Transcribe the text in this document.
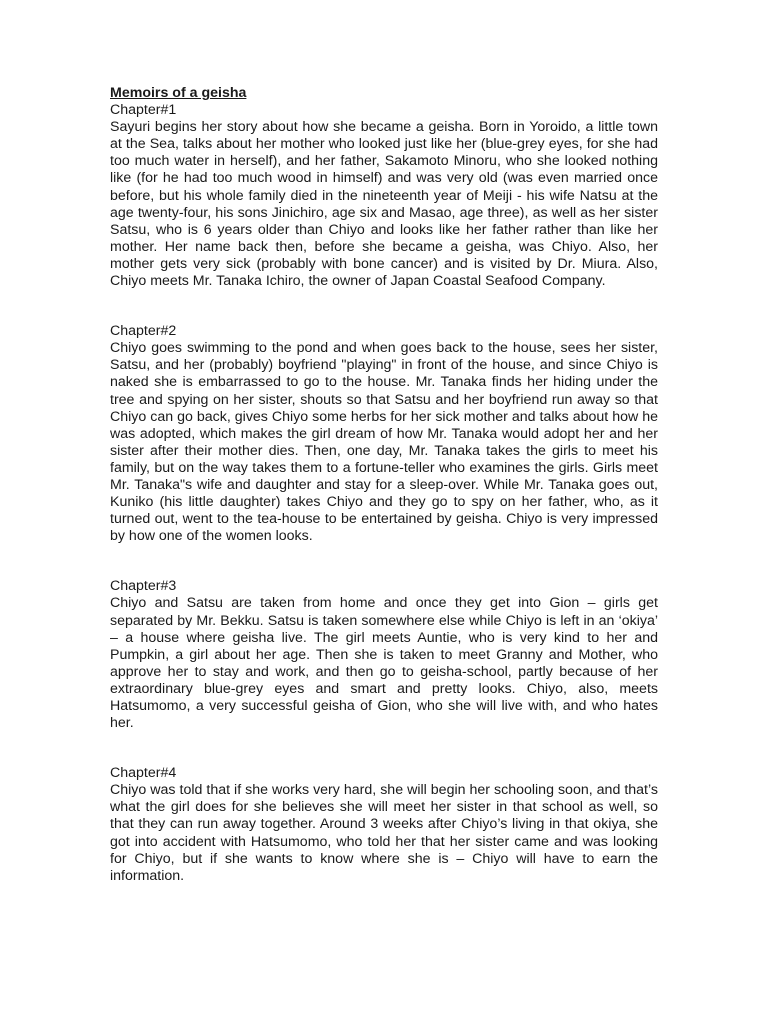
Memoirs of a geisha

Chapter#1

Sayuri begins her story about how she became a geisha. Born in Yoroido, a little town at the Sea, talks about her mother who looked just like her (blue-grey eyes, for she had too much water in herself), and her father, Sakamoto Minoru, who she looked nothing like (for he had too much wood in himself) and was very old (was even married once before, but his whole family died in the nineteenth year of Meiji - his wife Natsu at the age twenty-four, his sons Jinichiro, age six and Masao, age three), as well as her sister Satsu, who is 6 years older than Chiyo and looks like her father rather than like her mother. Her name back then, before she became a geisha, was Chiyo. Also, her mother gets very sick (probably with bone cancer) and is visited by Dr. Miura. Also, Chiyo meets Mr. Tanaka Ichiro, the owner of Japan Coastal Seafood Company.

Chapter#2

Chiyo goes swimming to the pond and when goes back to the house, sees her sister, Satsu, and her (probably) boyfriend "playing" in front of the house, and since Chiyo is naked she is embarrassed to go to the house. Mr. Tanaka finds her hiding under the tree and spying on her sister, shouts so that Satsu and her boyfriend run away so that Chiyo can go back, gives Chiyo some herbs for her sick mother and talks about how he was adopted, which makes the girl dream of how Mr. Tanaka would adopt her and her sister after their mother dies. Then, one day, Mr. Tanaka takes the girls to meet his family, but on the way takes them to a fortune-teller who examines the girls. Girls meet Mr. Tanaka"s wife and daughter and stay for a sleep-over. While Mr. Tanaka goes out, Kuniko (his little daughter) takes Chiyo and they go to spy on her father, who, as it turned out, went to the tea-house to be entertained by geisha. Chiyo is very impressed by how one of the women looks.

Chapter#3

Chiyo and Satsu are taken from home and once they get into Gion – girls get separated by Mr. Bekku. Satsu is taken somewhere else while Chiyo is left in an ‘okiya’ – a house where geisha live. The girl meets Auntie, who is very kind to her and Pumpkin, a girl about her age. Then she is taken to meet Granny and Mother, who approve her to stay and work, and then go to geisha-school, partly because of her extraordinary blue-grey eyes and smart and pretty looks. Chiyo, also, meets Hatsumomo, a very successful geisha of Gion, who she will live with, and who hates her.

Chapter#4

Chiyo was told that if she works very hard, she will begin her schooling soon, and that’s what the girl does for she believes she will meet her sister in that school as well, so that they can run away together. Around 3 weeks after Chiyo’s living in that okiya, she got into accident with Hatsumomo, who told her that her sister came and was looking for Chiyo, but if she wants to know where she is – Chiyo will have to earn the information.
